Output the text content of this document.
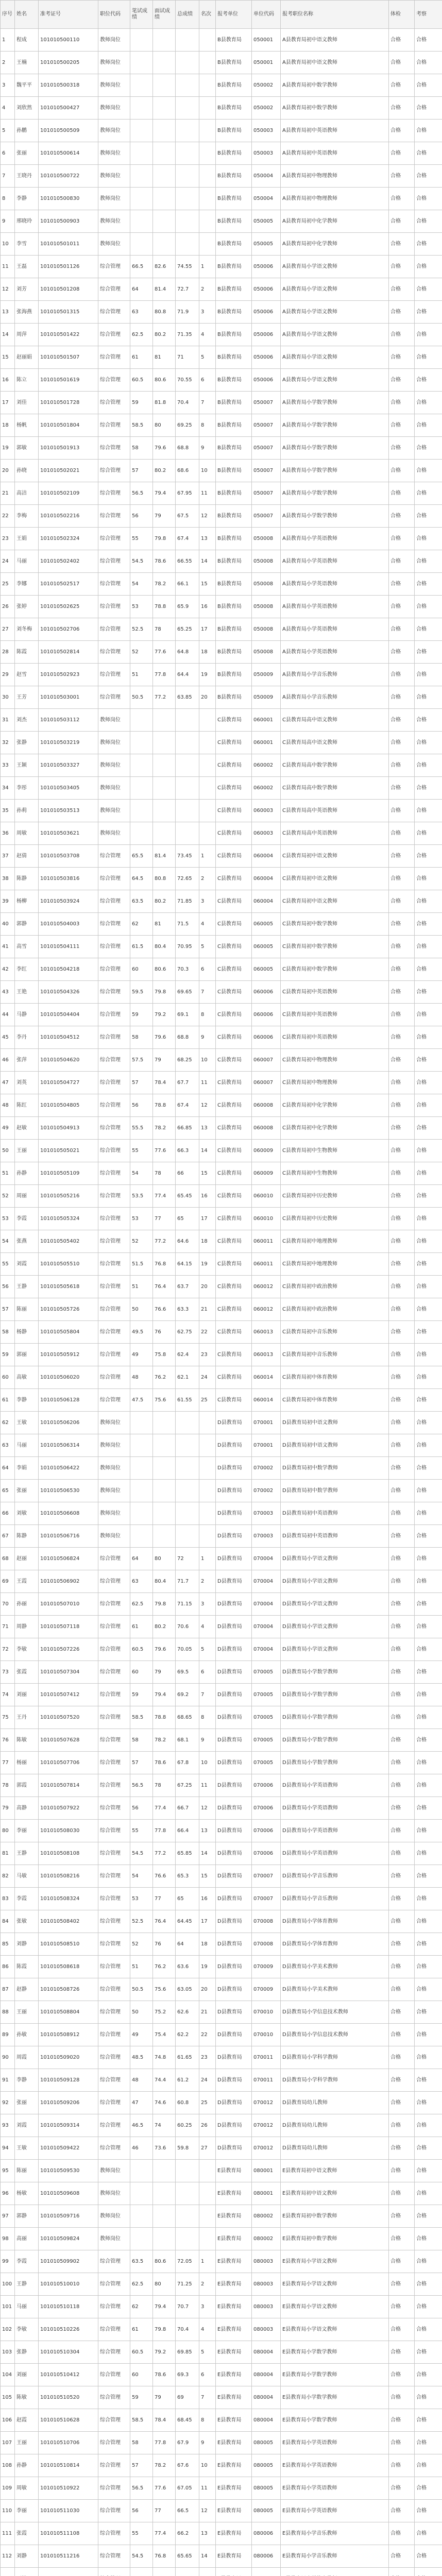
序号	姓名	准考证号	职位代码	笔试成绩	面试成绩	总成绩	名次	报考单位	单位代码	报考职位名称	体检	考察
1	程成	101010500110	教师岗位					B县教育局	050001	A县教育局初中语文教师	合格	合格
2	王楠	101010500205	教师岗位					B县教育局	050001	A县教育局初中语文教师	合格	合格
3	魏平平	101010500318	教师岗位					B县教育局	050002	A县教育局初中数学教师	合格	合格
4	刘欣然	101010500427	教师岗位					B县教育局	050002	A县教育局初中数学教师	合格	合格
5	孙鹏	101010500509	教师岗位					B县教育局	050003	A县教育局初中英语教师	合格	合格
6	张丽	101010500614	教师岗位					B县教育局	050003	A县教育局初中英语教师	合格	合格
7	王晓丹	101010500722	教师岗位					B县教育局	050004	A县教育局初中物理教师	合格	合格
8	李静	101010500830	教师岗位					B县教育局	050004	A县教育局初中物理教师	合格	合格
9	邢晓玲	101010500903	教师岗位					B县教育局	050005	A县教育局初中化学教师	合格	合格
10	李雪	101010501011	教师岗位					B县教育局	050005	A县教育局初中化学教师	合格	合格
11	王磊	101010501126	综合管理	66.5	82.6	74.55	1	B县教育局	050006	A县教育局小学语文教师	合格	合格
12	刘芳	101010501208	综合管理	64	81.4	72.7	2	B县教育局	050006	A县教育局小学语文教师	合格	合格
13	张海燕	101010501315	综合管理	63	80.8	71.9	3	B县教育局	050006	A县教育局小学语文教师	合格	合格
14	周萍	101010501422	综合管理	62.5	80.2	71.35	4	B县教育局	050006	A县教育局小学语文教师	合格	合格
15	赵丽娟	101010501507	综合管理	61	81	71	5	B县教育局	050006	A县教育局小学语文教师	合格	合格
16	陈立	101010501619	综合管理	60.5	80.6	70.55	6	B县教育局	050006	A县教育局小学语文教师	合格	合格
17	刘佳	101010501728	综合管理	59	81.8	70.4	7	B县教育局	050007	A县教育局小学数学教师	合格	合格
18	杨帆	101010501804	综合管理	58.5	80	69.25	8	B县教育局	050007	A县教育局小学数学教师	合格	合格
19	郭敏	101010501913	综合管理	58	79.6	68.8	9	B县教育局	050007	A县教育局小学数学教师	合格	合格
20	孙晓	101010502021	综合管理	57	80.2	68.6	10	B县教育局	050007	A县教育局小学数学教师	合格	合格
21	高洁	101010502109	综合管理	56.5	79.4	67.95	11	B县教育局	050007	A县教育局小学数学教师	合格	合格
22	李梅	101010502216	综合管理	56	79	67.5	12	B县教育局	050007	A县教育局小学数学教师	合格	合格
23	王娟	101010502324	综合管理	55	79.8	67.4	13	B县教育局	050008	A县教育局小学英语教师	合格	合格
24	马丽	101010502402	综合管理	54.5	78.6	66.55	14	B县教育局	050008	A县教育局小学英语教师	合格	合格
25	李娜	101010502517	综合管理	54	78.2	66.1	15	B县教育局	050008	A县教育局小学英语教师	合格	合格
26	张婷	101010502625	综合管理	53	78.8	65.9	16	B县教育局	050008	A县教育局小学英语教师	合格	合格
27	刘冬梅	101010502706	综合管理	52.5	78	65.25	17	B县教育局	050008	A县教育局小学英语教师	合格	合格
28	陈霞	101010502814	综合管理	52	77.6	64.8	18	B县教育局	050008	A县教育局小学英语教师	合格	合格
29	赵雪	101010502923	综合管理	51	77.8	64.4	19	B县教育局	050009	A县教育局小学音乐教师	合格	合格
30	王芳	101010503001	综合管理	50.5	77.2	63.85	20	B县教育局	050009	A县教育局小学音乐教师	合格	合格
31	刘杰	101010503112	教师岗位					C县教育局	060001	C县教育局高中语文教师	合格	合格
32	张静	101010503219	教师岗位					C县教育局	060001	C县教育局高中语文教师	合格	合格
33	王颖	101010503327	教师岗位					C县教育局	060002	C县教育局高中数学教师	合格	合格
34	李彤	101010503405	教师岗位					C县教育局	060002	C县教育局高中数学教师	合格	合格
35	孙莉	101010503513	教师岗位					C县教育局	060003	C县教育局高中英语教师	合格	合格
36	周敏	101010503621	教师岗位					C县教育局	060003	C县教育局高中英语教师	合格	合格
37	赵倩	101010503708	综合管理	65.5	81.4	73.45	1	C县教育局	060004	C县教育局初中语文教师	合格	合格
38	陈静	101010503816	综合管理	64.5	80.8	72.65	2	C县教育局	060004	C县教育局初中语文教师	合格	合格
39	杨柳	101010503924	综合管理	63.5	80.2	71.85	3	C县教育局	060004	C县教育局初中语文教师	合格	合格
40	郭静	101010504003	综合管理	62	81	71.5	4	C县教育局	060005	C县教育局初中数学教师	合格	合格
41	高雪	101010504111	综合管理	61.5	80.4	70.95	5	C县教育局	060005	C县教育局初中数学教师	合格	合格
42	李红	101010504218	综合管理	60	80.6	70.3	6	C县教育局	060005	C县教育局初中数学教师	合格	合格
43	王艳	101010504326	综合管理	59.5	79.8	69.65	7	C县教育局	060006	C县教育局初中英语教师	合格	合格
44	马静	101010504404	综合管理	59	79.2	69.1	8	C县教育局	060006	C县教育局初中英语教师	合格	合格
45	李丹	101010504512	综合管理	58	79.6	68.8	9	C县教育局	060006	C县教育局初中英语教师	合格	合格
46	张萍	101010504620	综合管理	57.5	79	68.25	10	C县教育局	060007	C县教育局初中物理教师	合格	合格
47	刘英	101010504727	综合管理	57	78.4	67.7	11	C县教育局	060007	C县教育局初中物理教师	合格	合格
48	陈红	101010504805	综合管理	56	78.8	67.4	12	C县教育局	060008	C县教育局初中化学教师	合格	合格
49	赵敏	101010504913	综合管理	55.5	78.2	66.85	13	C县教育局	060008	C县教育局初中化学教师	合格	合格
50	王丽	101010505021	综合管理	55	77.6	66.3	14	C县教育局	060009	C县教育局初中生物教师	合格	合格
51	孙静	101010505109	综合管理	54	78	66	15	C县教育局	060009	C县教育局初中生物教师	合格	合格
52	周丽	101010505216	综合管理	53.5	77.4	65.45	16	C县教育局	060010	C县教育局初中历史教师	合格	合格
53	李霞	101010505324	综合管理	53	77	65	17	C县教育局	060010	C县教育局初中历史教师	合格	合格
54	张燕	101010505402	综合管理	52	77.2	64.6	18	C县教育局	060011	C县教育局初中地理教师	合格	合格
55	刘霞	101010505510	综合管理	51.5	76.8	64.15	19	C县教育局	060011	C县教育局初中地理教师	合格	合格
56	王静	101010505618	综合管理	51	76.4	63.7	20	C县教育局	060012	C县教育局初中政治教师	合格	合格
57	陈丽	101010505726	综合管理	50	76.6	63.3	21	C县教育局	060012	C县教育局初中政治教师	合格	合格
58	杨静	101010505804	综合管理	49.5	76	62.75	22	C县教育局	060013	C县教育局初中音乐教师	合格	合格
59	郭丽	101010505912	综合管理	49	75.8	62.4	23	C县教育局	060013	C县教育局初中音乐教师	合格	合格
60	高敏	101010506020	综合管理	48	76.2	62.1	24	C县教育局	060014	C县教育局初中体育教师	合格	合格
61	李静	101010506128	综合管理	47.5	75.6	61.55	25	C县教育局	060014	C县教育局初中体育教师	合格	合格
62	王敏	101010506206	教师岗位					D县教育局	070001	D县教育局初中语文教师	合格	合格
63	马丽	101010506314	教师岗位					D县教育局	070001	D县教育局初中语文教师	合格	合格
64	李娟	101010506422	教师岗位					D县教育局	070002	D县教育局初中数学教师	合格	合格
65	张丽	101010506530	教师岗位					D县教育局	070002	D县教育局初中数学教师	合格	合格
66	刘敏	101010506608	教师岗位					D县教育局	070003	D县教育局初中英语教师	合格	合格
67	陈静	101010506716	教师岗位					D县教育局	070003	D县教育局初中英语教师	合格	合格
68	赵丽	101010506824	综合管理	64	80	72	1	D县教育局	070004	D县教育局小学语文教师	合格	合格
69	王霞	101010506902	综合管理	63	80.4	71.7	2	D县教育局	070004	D县教育局小学语文教师	合格	合格
70	孙丽	101010507010	综合管理	62.5	79.8	71.15	3	D县教育局	070004	D县教育局小学语文教师	合格	合格
71	周静	101010507118	综合管理	61	80.2	70.6	4	D县教育局	070004	D县教育局小学语文教师	合格	合格
72	李敏	101010507226	综合管理	60.5	79.6	70.05	5	D县教育局	070004	D县教育局小学语文教师	合格	合格
73	张霞	101010507304	综合管理	60	79	69.5	6	D县教育局	070005	D县教育局小学数学教师	合格	合格
74	刘丽	101010507412	综合管理	59	79.4	69.2	7	D县教育局	070005	D县教育局小学数学教师	合格	合格
75	王丹	101010507520	综合管理	58.5	78.8	68.65	8	D县教育局	070005	D县教育局小学数学教师	合格	合格
76	陈敏	101010507628	综合管理	58	78.2	68.1	9	D县教育局	070005	D县教育局小学数学教师	合格	合格
77	杨丽	101010507706	综合管理	57	78.6	67.8	10	D县教育局	070005	D县教育局小学数学教师	合格	合格
78	郭霞	101010507814	综合管理	56.5	78	67.25	11	D县教育局	070006	D县教育局小学英语教师	合格	合格
79	高静	101010507922	综合管理	56	77.4	66.7	12	D县教育局	070006	D县教育局小学英语教师	合格	合格
80	李丽	101010508030	综合管理	55	77.8	66.4	13	D县教育局	070006	D县教育局小学英语教师	合格	合格
81	王静	101010508108	综合管理	54.5	77.2	65.85	14	D县教育局	070006	D县教育局小学英语教师	合格	合格
82	马敏	101010508216	综合管理	54	76.6	65.3	15	D县教育局	070007	D县教育局小学音乐教师	合格	合格
83	李霞	101010508324	综合管理	53	77	65	16	D县教育局	070007	D县教育局小学音乐教师	合格	合格
84	张敏	101010508402	综合管理	52.5	76.4	64.45	17	D县教育局	070008	D县教育局小学体育教师	合格	合格
85	刘静	101010508510	综合管理	52	76	64	18	D县教育局	070008	D县教育局小学体育教师	合格	合格
86	陈霞	101010508618	综合管理	51	76.2	63.6	19	D县教育局	070009	D县教育局小学美术教师	合格	合格
87	赵静	101010508726	综合管理	50.5	75.6	63.05	20	D县教育局	070009	D县教育局小学美术教师	合格	合格
88	王丽	101010508804	综合管理	50	75.2	62.6	21	D县教育局	070010	D县教育局小学信息技术教师	合格	合格
89	孙敏	101010508912	综合管理	49	75.4	62.2	22	D县教育局	070010	D县教育局小学信息技术教师	合格	合格
90	周霞	101010509020	综合管理	48.5	74.8	61.65	23	D县教育局	070011	D县教育局小学科学教师	合格	合格
91	李静	101010509128	综合管理	48	74.4	61.2	24	D县教育局	070011	D县教育局小学科学教师	合格	合格
92	张丽	101010509206	综合管理	47	74.6	60.8	25	D县教育局	070012	D县教育局幼儿教师	合格	合格
93	刘霞	101010509314	综合管理	46.5	74	60.25	26	D县教育局	070012	D县教育局幼儿教师	合格	合格
94	王敏	101010509422	综合管理	46	73.6	59.8	27	D县教育局	070012	D县教育局幼儿教师	合格	合格
95	陈丽	101010509530	教师岗位					E县教育局	080001	E县教育局初中语文教师	合格	合格
96	杨敏	101010509608	教师岗位					E县教育局	080001	E县教育局初中语文教师	合格	合格
97	郭静	101010509716	教师岗位					E县教育局	080002	E县教育局初中数学教师	合格	合格
98	高丽	101010509824	教师岗位					E县教育局	080002	E县教育局初中数学教师	合格	合格
99	李霞	101010509902	综合管理	63.5	80.6	72.05	1	E县教育局	080003	E县教育局小学语文教师	合格	合格
100	王静	101010510010	综合管理	62.5	80	71.25	2	E县教育局	080003	E县教育局小学语文教师	合格	合格
101	马丽	101010510118	综合管理	62	79.4	70.7	3	E县教育局	080003	E县教育局小学语文教师	合格	合格
102	李敏	101010510226	综合管理	61	79.8	70.4	4	E县教育局	080003	E县教育局小学语文教师	合格	合格
103	张静	101010510304	综合管理	60.5	79.2	69.85	5	E县教育局	080004	E县教育局小学数学教师	合格	合格
104	刘丽	101010510412	综合管理	60	78.6	69.3	6	E县教育局	080004	E县教育局小学数学教师	合格	合格
105	陈敏	101010510520	综合管理	59	79	69	7	E县教育局	080004	E县教育局小学数学教师	合格	合格
106	赵霞	101010510628	综合管理	58.5	78.4	68.45	8	E县教育局	080004	E县教育局小学数学教师	合格	合格
107	王丽	101010510706	综合管理	58	77.8	67.9	9	E县教育局	080005	E县教育局小学英语教师	合格	合格
108	孙静	101010510814	综合管理	57	78.2	67.6	10	E县教育局	080005	E县教育局小学英语教师	合格	合格
109	周敏	101010510922	综合管理	56.5	77.6	67.05	11	E县教育局	080005	E县教育局小学英语教师	合格	合格
110	李丽	101010511030	综合管理	56	77	66.5	12	E县教育局	080005	E县教育局小学英语教师	合格	合格
111	张霞	101010511108	综合管理	55	77.4	66.2	13	E县教育局	080006	E县教育局小学音乐教师	合格	合格
112	刘静	101010511216	综合管理	54.5	76.8	65.65	14	E县教育局	080006	E县教育局小学音乐教师	合格	合格
